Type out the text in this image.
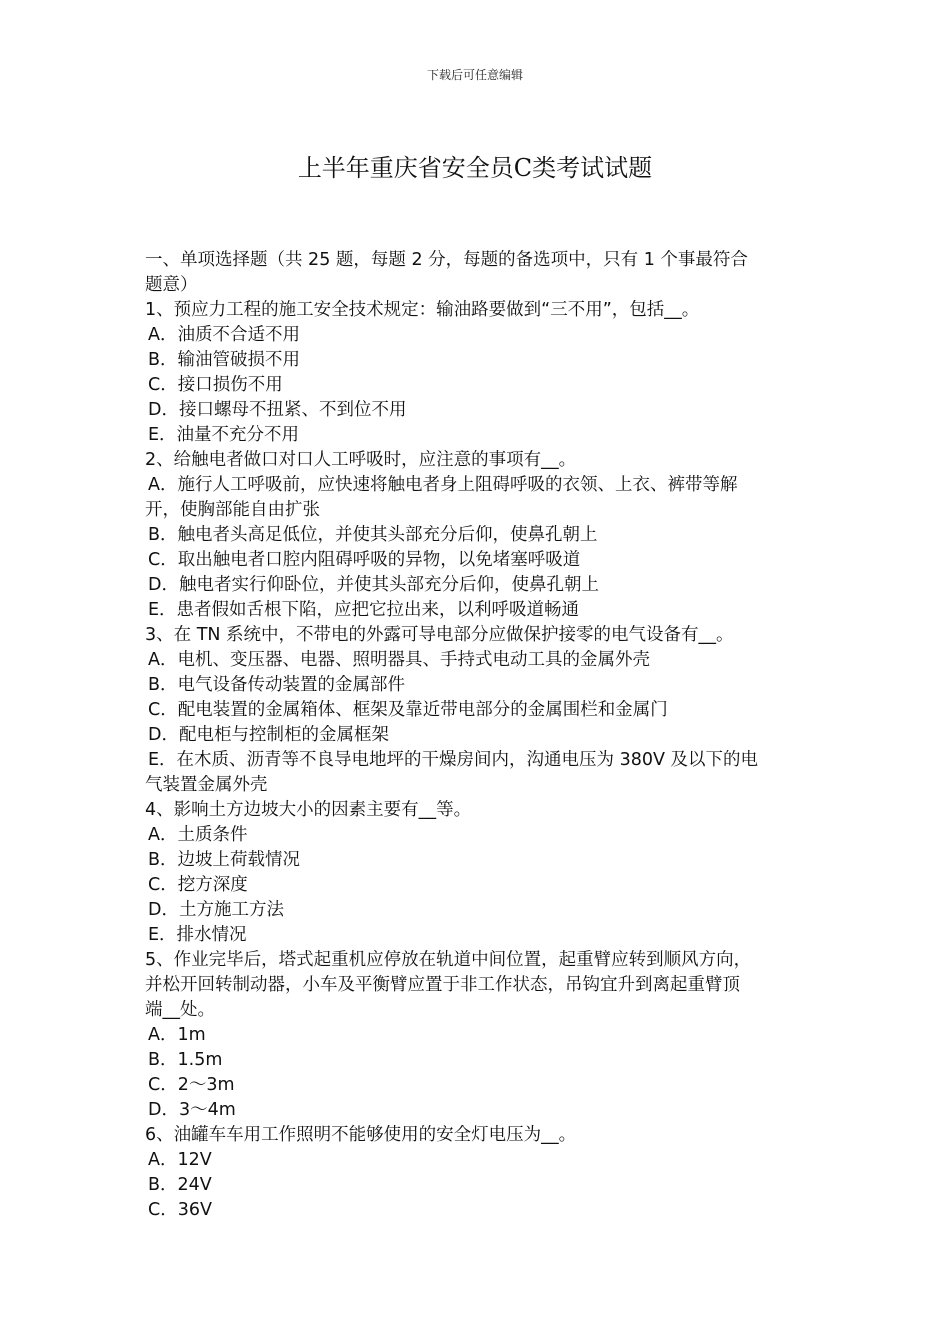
下载后可任意编辑
上半年重庆省安全员C类考试试题
一、单项选择题（共 25 题，每题 2 分，每题的备选项中，只有 1 个事最符合
题意）
1、预应力工程的施工安全技术规定：输油路要做到“三不用”，包括__。
A．油质不合适不用
B．输油管破损不用
C．接口损伤不用
D．接口螺母不扭紧、不到位不用
E．油量不充分不用
2、给触电者做口对口人工呼吸时，应注意的事项有__。
A．施行人工呼吸前，应快速将触电者身上阻碍呼吸的衣领、上衣、裤带等解
开，使胸部能自由扩张
B．触电者头高足低位，并使其头部充分后仰，使鼻孔朝上
C．取出触电者口腔内阻碍呼吸的异物，以免堵塞呼吸道
D．触电者实行仰卧位，并使其头部充分后仰，使鼻孔朝上
E．患者假如舌根下陷，应把它拉出来，以利呼吸道畅通
3、在 TN 系统中，不带电的外露可导电部分应做保护接零的电气设备有__。
A．电机、变压器、电器、照明器具、手持式电动工具的金属外壳
B．电气设备传动装置的金属部件
C．配电装置的金属箱体、框架及靠近带电部分的金属围栏和金属门
D．配电柜与控制柜的金属框架
E．在木质、沥青等不良导电地坪的干燥房间内，沟通电压为 380V 及以下的电
气装置金属外壳
4、影响土方边坡大小的因素主要有__等。
A．土质条件
B．边坡上荷载情况
C．挖方深度
D．土方施工方法
E．排水情况
5、作业完毕后，塔式起重机应停放在轨道中间位置，起重臂应转到顺风方向，
并松开回转制动器，小车及平衡臂应置于非工作状态，吊钩宜升到离起重臂顶
端__处。
A．1m
B．1.5m
C．2～3m
D．3～4m
6、油罐车车用工作照明不能够使用的安全灯电压为__。
A．12V
B．24V
C．36V
